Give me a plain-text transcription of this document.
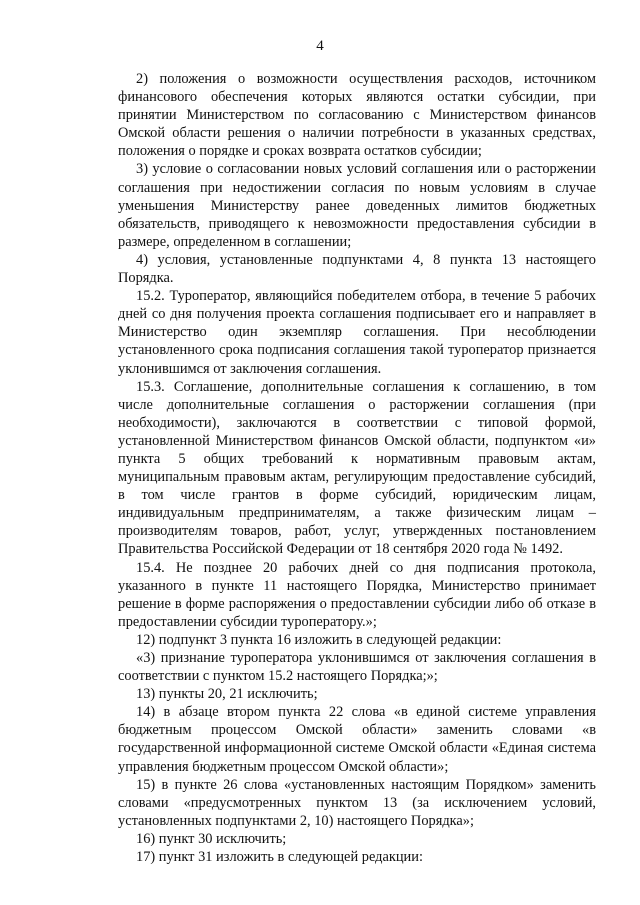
4

2) положения о возможности осуществления расходов, источником финансового обеспечения которых являются остатки субсидии, при принятии Министерством по согласованию с Министерством финансов Омской области решения о наличии потребности в указанных средствах, положения о порядке и сроках возврата остатков субсидии;

3) условие о согласовании новых условий соглашения или о расторжении соглашения при недостижении согласия по новым условиям в случае уменьшения Министерству ранее доведенных лимитов бюджетных обязательств, приводящего к невозможности предоставления субсидии в размере, определенном в соглашении;

4) условия, установленные подпунктами 4, 8 пункта 13 настоящего Порядка.

15.2. Туроператор, являющийся победителем отбора, в течение 5 рабочих дней со дня получения проекта соглашения подписывает его и направляет в Министерство один экземпляр соглашения. При несоблюдении установленного срока подписания соглашения такой туроператор признается уклонившимся от заключения соглашения.

15.3. Соглашение, дополнительные соглашения к соглашению, в том числе дополнительные соглашения о расторжении соглашения (при необходимости), заключаются в соответствии с типовой формой, установленной Министерством финансов Омской области, подпунктом «и» пункта 5 общих требований к нормативным правовым актам, муниципальным правовым актам, регулирующим предоставление субсидий, в том числе грантов в форме субсидий, юридическим лицам, индивидуальным предпринимателям, а также физическим лицам – производителям товаров, работ, услуг, утвержденных постановлением Правительства Российской Федерации от 18 сентября 2020 года № 1492.

15.4. Не позднее 20 рабочих дней со дня подписания протокола, указанного в пункте 11 настоящего Порядка, Министерство принимает решение в форме распоряжения о предоставлении субсидии либо об отказе в предоставлении субсидии туроператору.»;

12) подпункт 3 пункта 16 изложить в следующей редакции:

«3) признание туроператора уклонившимся от заключения соглашения в соответствии с пунктом 15.2 настоящего Порядка;»;

13) пункты 20, 21 исключить;

14) в абзаце втором пункта 22 слова «в единой системе управления бюджетным процессом Омской области» заменить словами «в государственной информационной системе Омской области «Единая система управления бюджетным процессом Омской области»;

15) в пункте 26 слова «установленных настоящим Порядком» заменить словами «предусмотренных пунктом 13 (за исключением условий, установленных подпунктами 2, 10) настоящего Порядка»;

16) пункт 30 исключить;

17) пункт 31 изложить в следующей редакции:
